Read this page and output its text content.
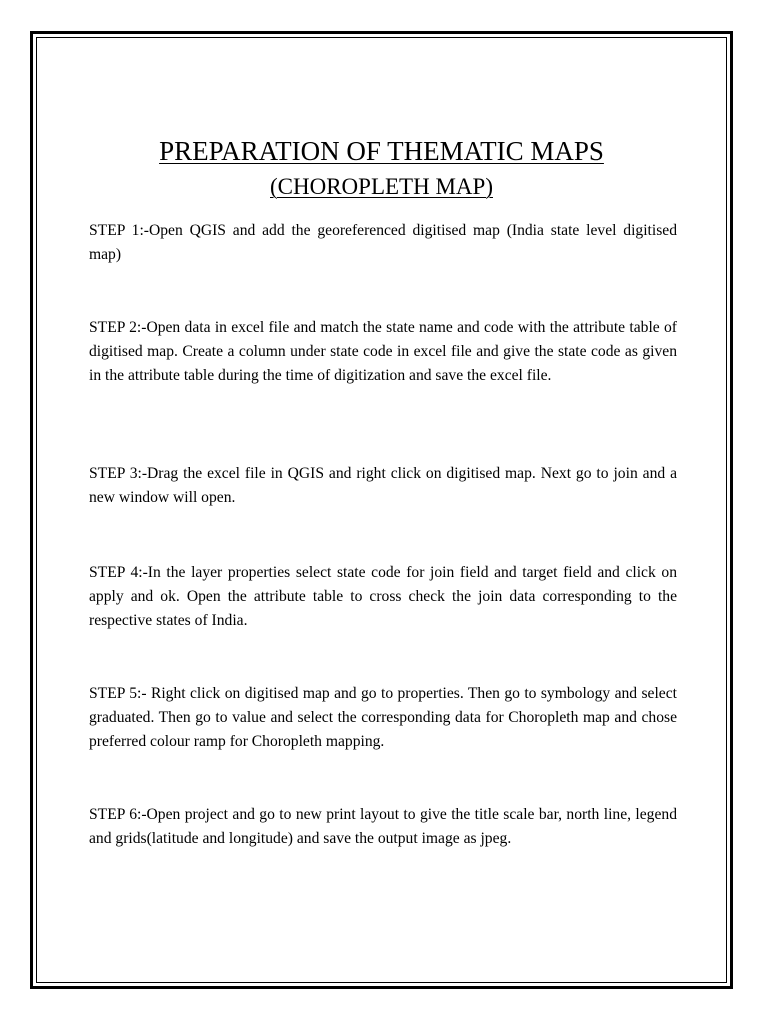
PREPARATION OF THEMATIC MAPS
(CHOROPLETH MAP)

STEP 1:-Open QGIS and add the georeferenced digitised map (India state level digitised map)

STEP 2:-Open data in excel file and match the state name and code with the attribute table of digitised map. Create a column under state code in excel file and give the state code as given in the attribute table during the time of digitization and save the excel file.

STEP 3:-Drag the excel file in QGIS and right click on digitised map. Next go to join and a new window will open.

STEP 4:-In the layer properties select state code for join field and target field and click on apply and ok. Open the attribute table to cross check the join data corresponding to the respective states of India.

STEP 5:- Right click on digitised map and go to properties. Then go to symbology and select graduated. Then go to value and select the corresponding data for Choropleth map and chose preferred colour ramp for Choropleth mapping.

STEP 6:-Open project and go to new print layout to give the title scale bar, north line, legend and grids(latitude and longitude) and save the output image as jpeg.
